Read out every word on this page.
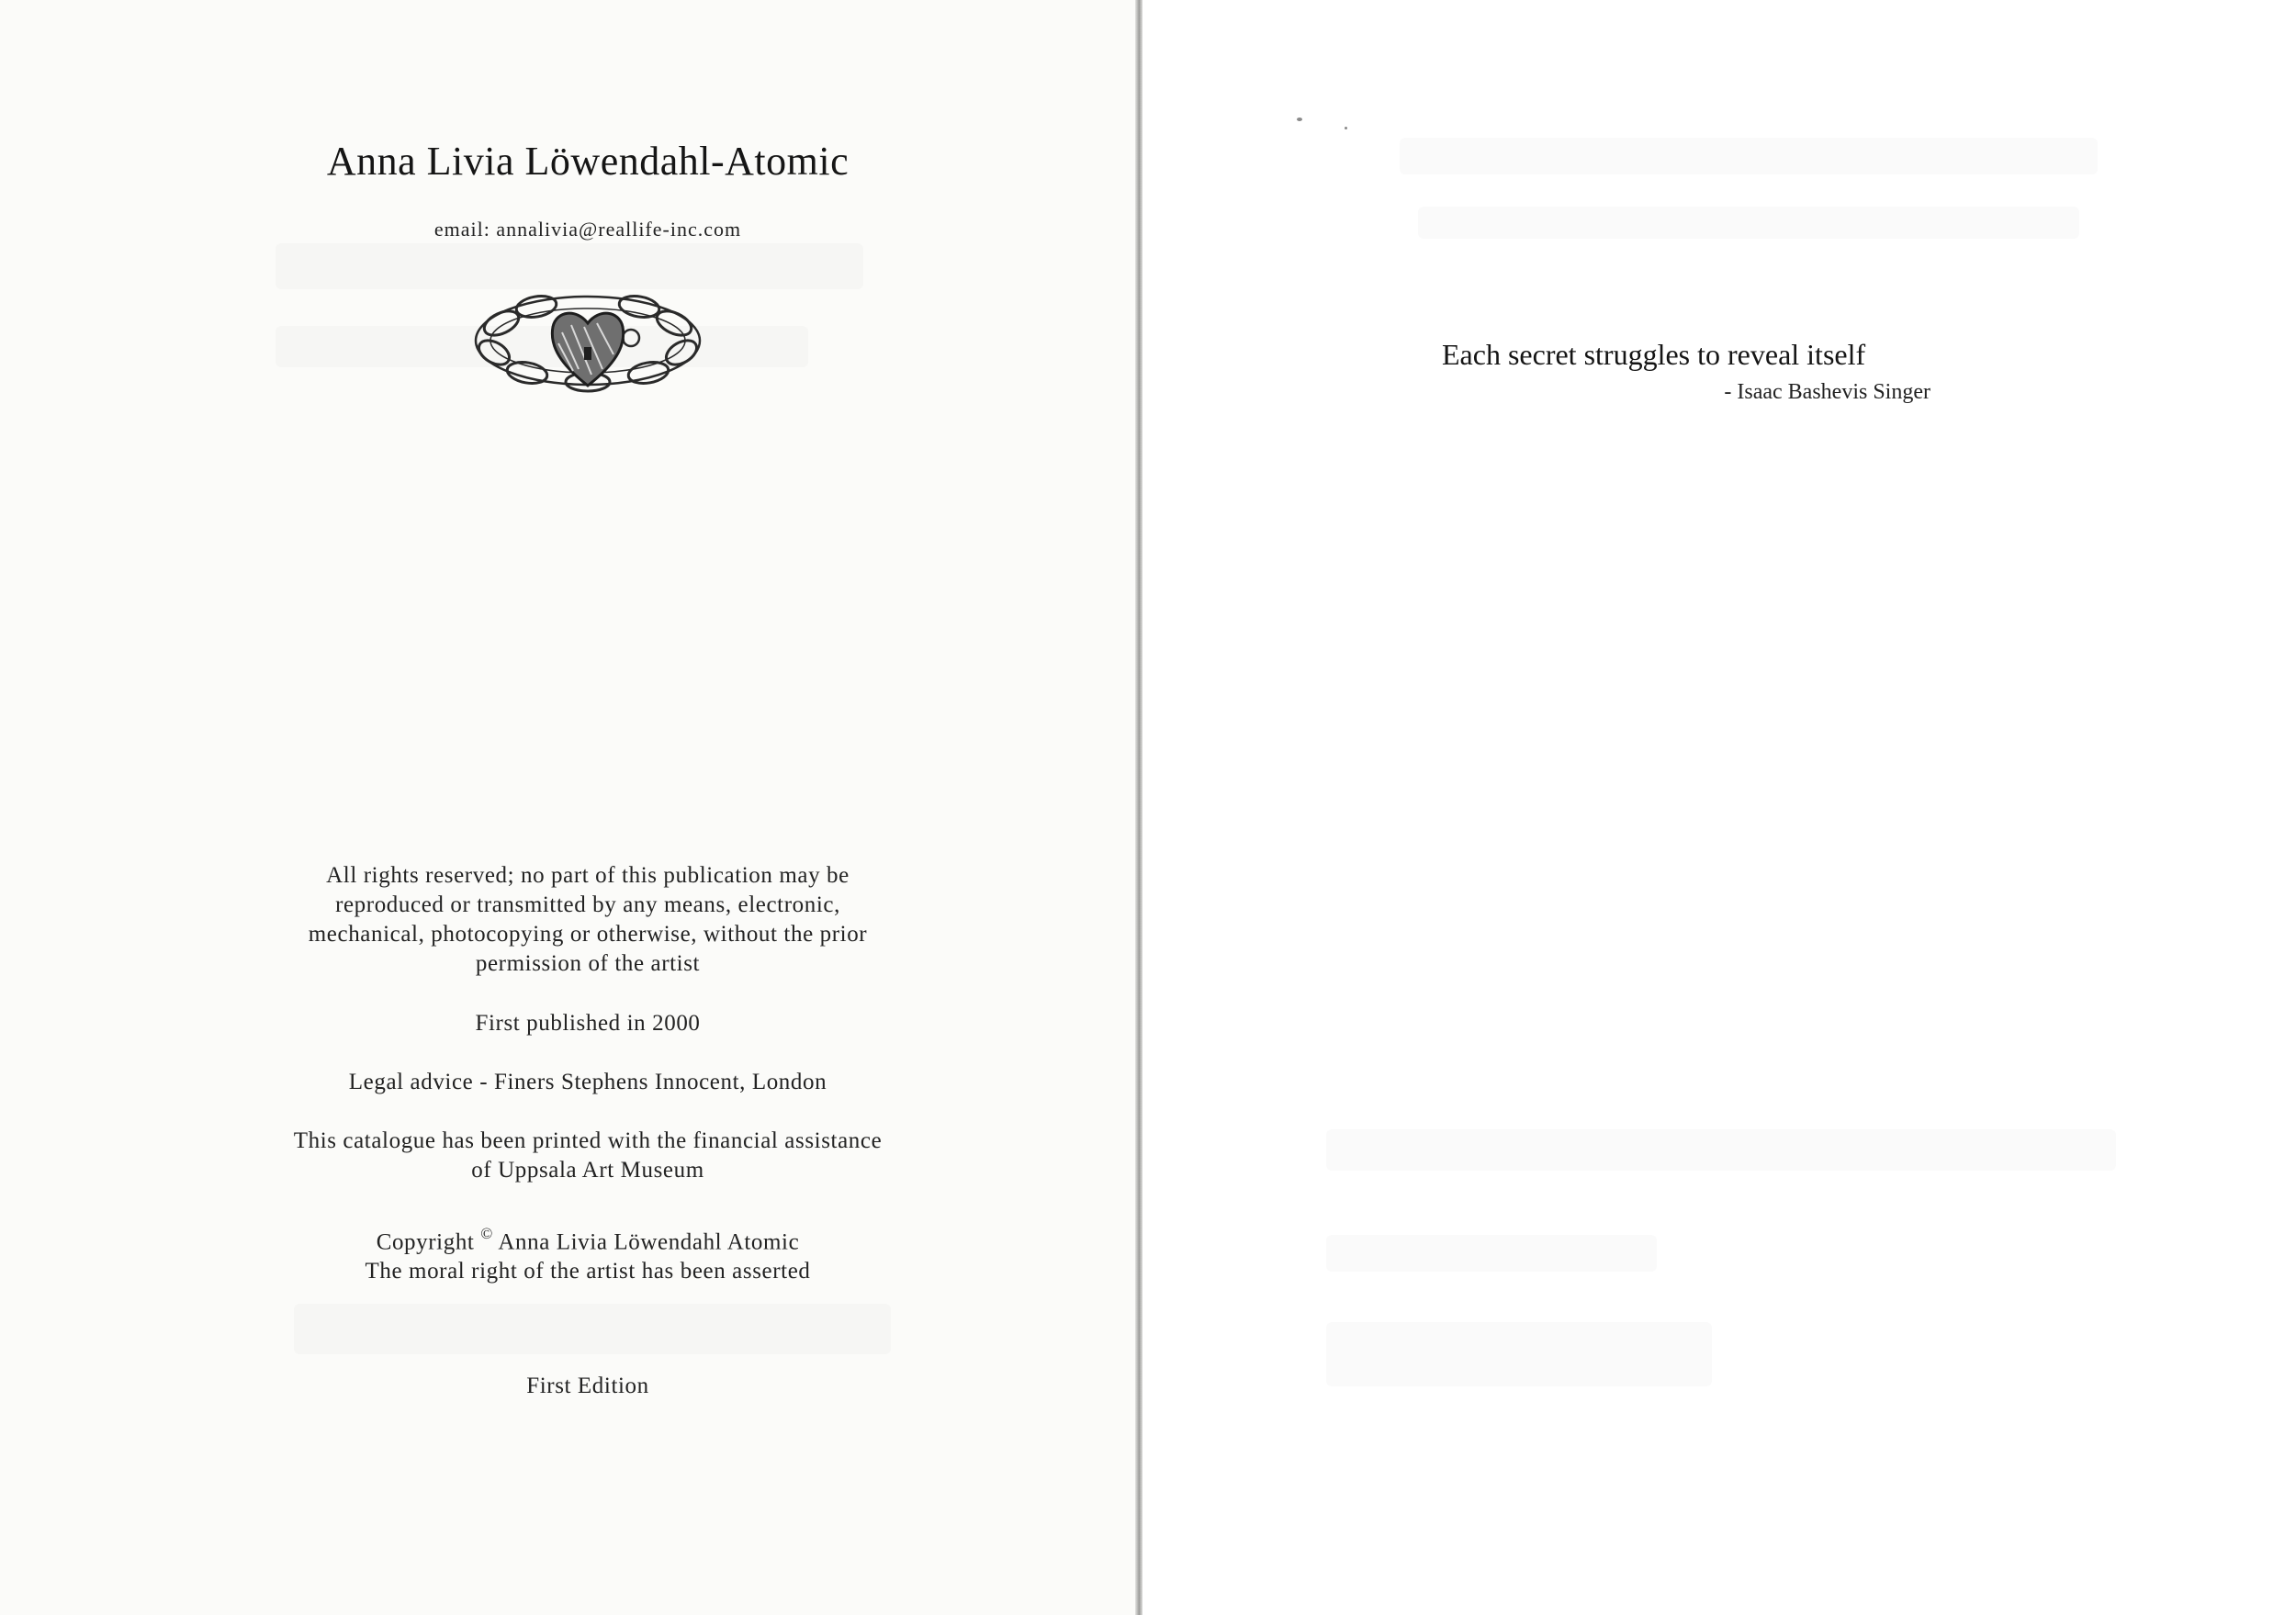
Anna Livia Löwendahl-Atomic
email: annalivia@reallife-inc.com
All rights reserved; no part of this publication may be
reproduced or transmitted by any means, electronic,
mechanical, photocopying or otherwise, without the prior
permission of the artist
First published in 2000
Legal advice - Finers Stephens Innocent, London
This catalogue has been printed with the financial assistance
of Uppsala Art Museum
Copyright © Anna Livia Löwendahl Atomic
The moral right of the artist has been asserted
First Edition
Each secret struggles to reveal itself
- Isaac Bashevis Singer
